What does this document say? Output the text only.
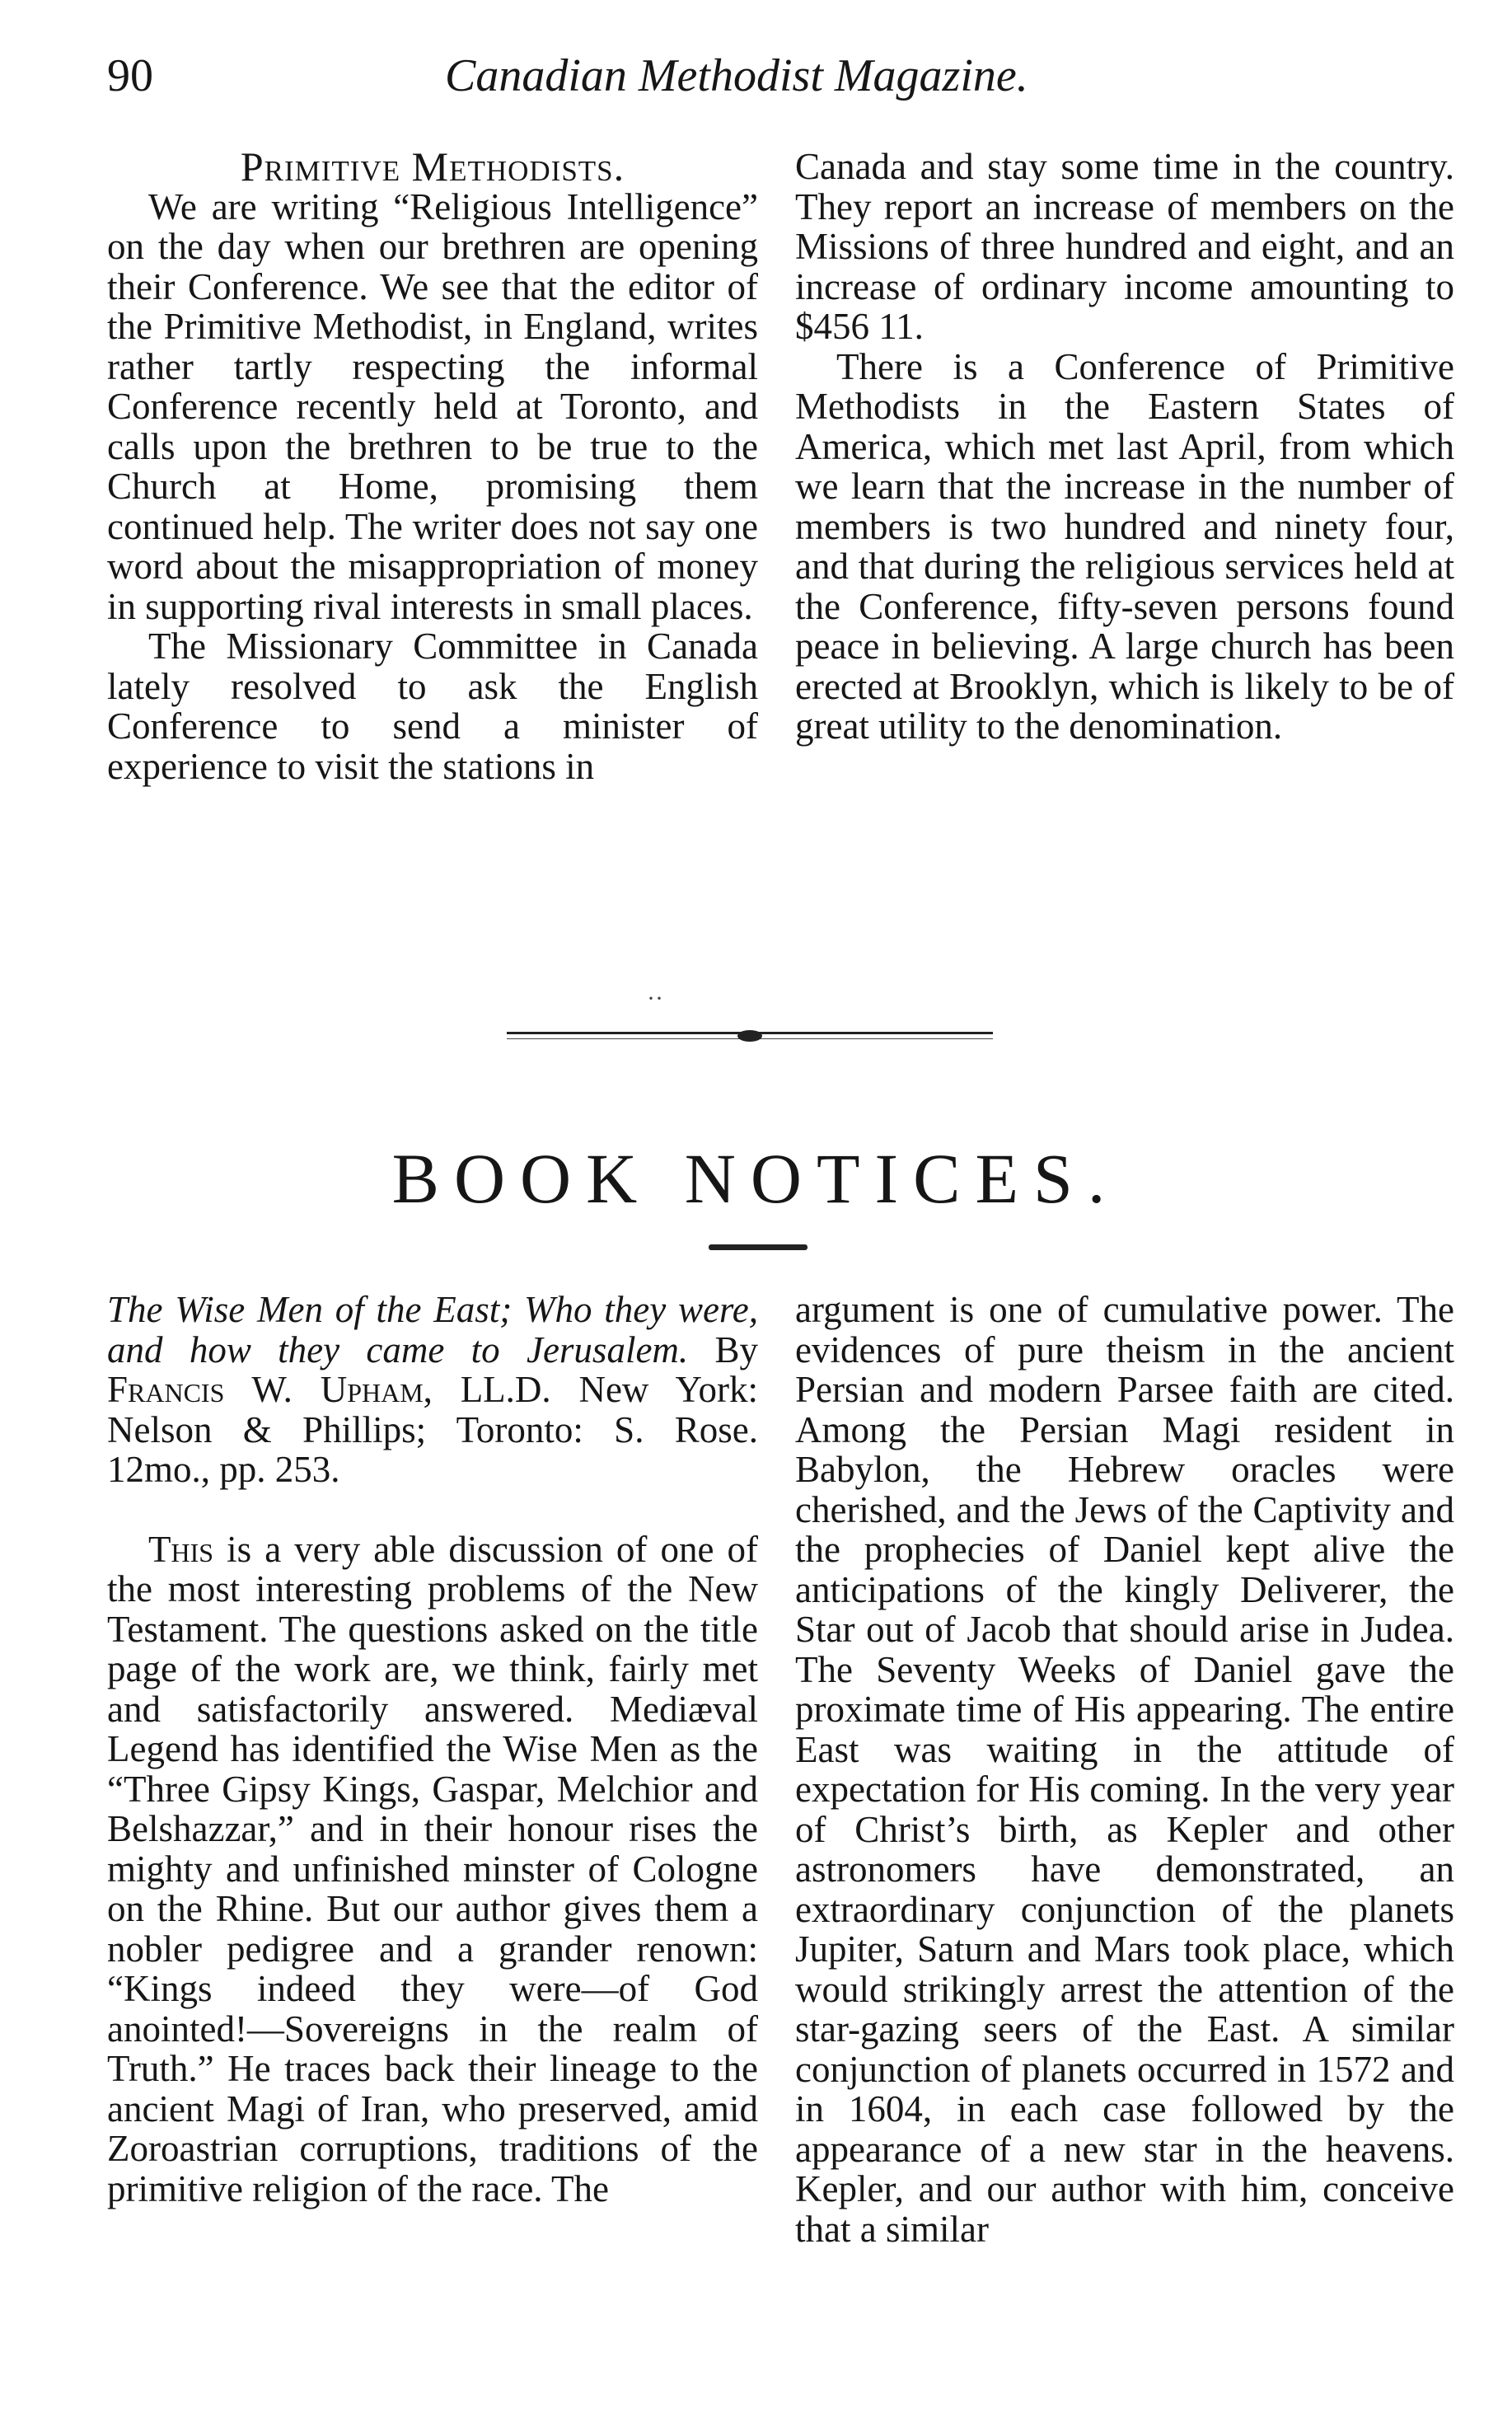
90	Canadian Methodist Magazine.

Primitive Methodists.

We are writing “Religious Intelligence” on the day when our brethren are opening their Conference. We see that the editor of the Primitive Methodist, in England, writes rather tartly respecting the informal Conference recently held at Toronto, and calls upon the brethren to be true to the Church at Home, promising them continued help. The writer does not say one word about the misappropriation of money in supporting rival interests in small places.

The Missionary Committee in Canada lately resolved to ask the English Conference to send a minister of experience to visit the stations in

Canada and stay some time in the country. They report an increase of members on the Missions of three hundred and eight, and an increase of ordinary income amounting to $456 11.

There is a Conference of Primitive Methodists in the Eastern States of America, which met last April, from which we learn that the increase in the number of members is two hundred and ninety four, and that during the religious services held at the Conference, fifty-seven persons found peace in believing. A large church has been erected at Brooklyn, which is likely to be of great utility to the denomination.

··
BOOK NOTICES.

The Wise Men of the East; Who they were, and how they came to Jerusalem. By Francis W. Upham, LL.D. New York: Nelson & Phillips; Toronto: S. Rose. 12mo., pp. 253.

This is a very able discussion of one of the most interesting problems of the New Testament. The questions asked on the title page of the work are, we think, fairly met and satisfactorily answered. Mediæval Legend has identified the Wise Men as the “Three Gipsy Kings, Gaspar, Melchior and Belshazzar,” and in their honour rises the mighty and unfinished minster of Cologne on the Rhine. But our author gives them a nobler pedigree and a grander renown: “Kings indeed they were—of God anointed!—Sovereigns in the realm of Truth.” He traces back their lineage to the ancient Magi of Iran, who preserved, amid Zoroastrian corruptions, traditions of the primitive religion of the race. The

argument is one of cumulative power. The evidences of pure theism in the ancient Persian and modern Parsee faith are cited. Among the Persian Magi resident in Babylon, the Hebrew oracles were cherished, and the Jews of the Captivity and the prophecies of Daniel kept alive the anticipations of the kingly Deliverer, the Star out of Jacob that should arise in Judea. The Seventy Weeks of Daniel gave the proximate time of His appearing. The entire East was waiting in the attitude of expectation for His coming. In the very year of Christ’s birth, as Kepler and other astronomers have demonstrated, an extraordinary conjunction of the planets Jupiter, Saturn and Mars took place, which would strikingly arrest the attention of the star-gazing seers of the East. A similar conjunction of planets occurred in 1572 and in 1604, in each case followed by the appearance of a new star in the heavens. Kepler, and our author with him, conceive that a similar
